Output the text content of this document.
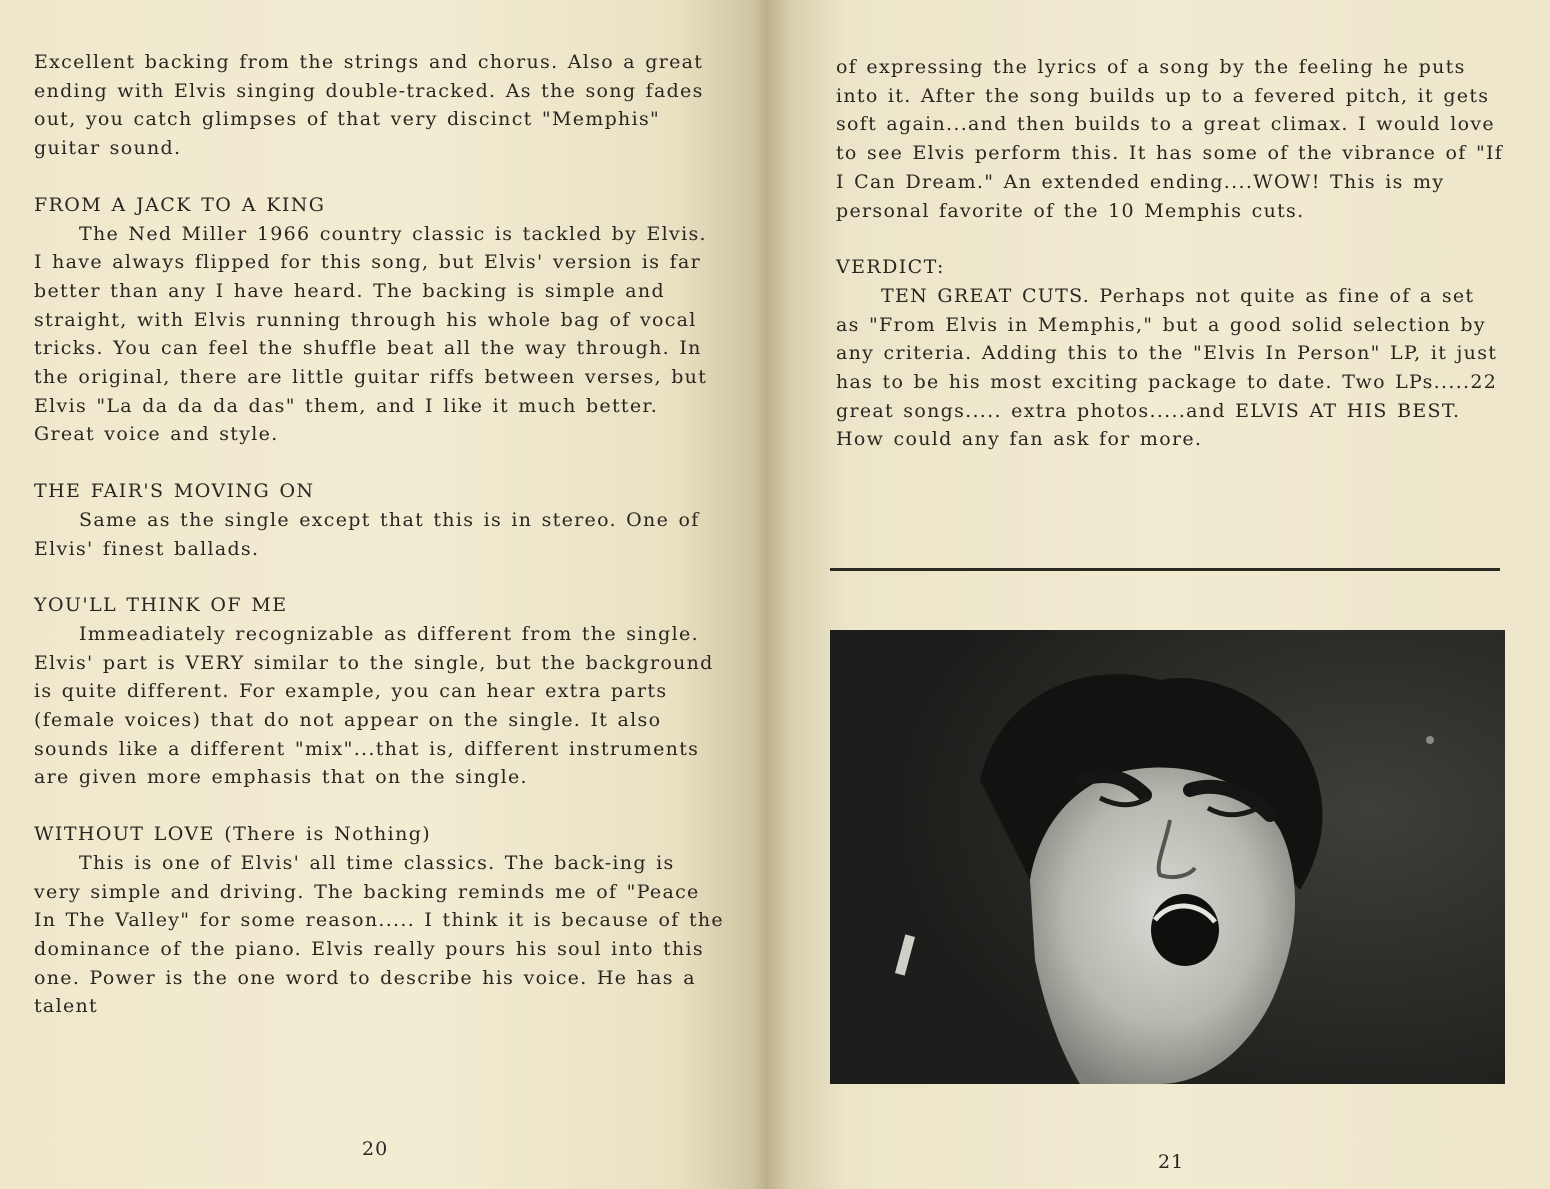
Excellent backing from the strings and chorus. Also a great ending with Elvis singing double-tracked. As the song fades out, you catch glimpses of that very discinct "Memphis" guitar sound.

FROM A JACK TO A KING

The Ned Miller 1966 country classic is tackled by Elvis. I have always flipped for this song, but Elvis' version is far better than any I have heard. The backing is simple and straight, with Elvis running through his whole bag of vocal tricks. You can feel the shuffle beat all the way through. In the original, there are little guitar riffs between verses, but Elvis "La da da da das" them, and I like it much better. Great voice and style.

THE FAIR'S MOVING ON

Same as the single except that this is in stereo. One of Elvis' finest ballads.

YOU'LL THINK OF ME

Immeadiately recognizable as different from the single. Elvis' part is VERY similar to the single, but the background is quite different. For example, you can hear extra parts (female voices) that do not appear on the single. It also sounds like a different "mix"...that is, different instruments are given more emphasis that on the single.

WITHOUT LOVE (There is Nothing)

This is one of Elvis' all time classics. The back-ing is very simple and driving. The backing reminds me of "Peace In The Valley" for some reason..... I think it is because of the dominance of the piano. Elvis really pours his soul into this one. Power is the one word to describe his voice. He has a talent

20

of expressing the lyrics of a song by the feeling he puts into it. After the song builds up to a fevered pitch, it gets soft again...and then builds to a great climax. I would love to see Elvis perform this. It has some of the vibrance of "If I Can Dream." An extended ending....WOW! This is my personal favorite of the 10 Memphis cuts.

VERDICT:

TEN GREAT CUTS. Perhaps not quite as fine of a set as "From Elvis in Memphis," but a good solid selection by any criteria. Adding this to the "Elvis In Person" LP, it just has to be his most exciting package to date. Two LPs.....22 great songs..... extra photos.....and ELVIS AT HIS BEST. How could any fan ask for more.

21
